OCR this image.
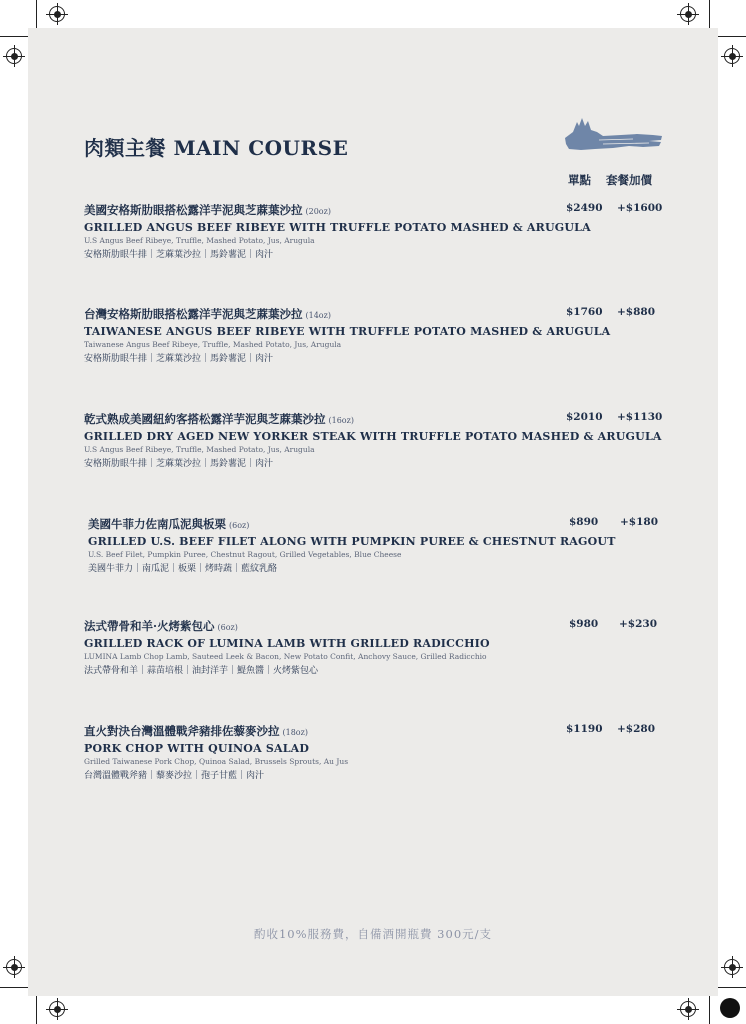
肉類主餐 MAIN COURSE
單點 套餐加價
美國安格斯肋眼搭松露洋芋泥與芝蔴葉沙拉 (20oz)
GRILLED ANGUS BEEF RIBEYE WITH TRUFFLE POTATO MASHED & ARUGULA
U.S Angus Beef Ribeye, Truffle, Mashed Potato, Jus, Arugula
安格斯肋眼牛排｜芝蔴葉沙拉｜馬鈴薯泥｜肉汁
$2490 +$1600
台灣安格斯肋眼搭松露洋芋泥與芝蔴葉沙拉 (14oz)
TAIWANESE ANGUS BEEF RIBEYE WITH TRUFFLE POTATO MASHED & ARUGULA
Taiwanese Angus Beef Ribeye, Truffle, Mashed Potato, Jus, Arugula
安格斯肋眼牛排｜芝蔴葉沙拉｜馬鈴薯泥｜肉汁
$1760 +$880
乾式熟成美國紐約客搭松露洋芋泥與芝蔴葉沙拉 (16oz)
GRILLED DRY AGED NEW YORKER STEAK WITH TRUFFLE POTATO MASHED & ARUGULA
U.S Angus Beef Ribeye, Truffle, Mashed Potato, Jus, Arugula
安格斯肋眼牛排｜芝蔴葉沙拉｜馬鈴薯泥｜肉汁
$2010 +$1130
美國牛菲力佐南瓜泥與板栗 (6oz)
GRILLED U.S. BEEF FILET ALONG WITH PUMPKIN PUREE & CHESTNUT RAGOUT
U.S. Beef Filet, Pumpkin Puree, Chestnut Ragout, Grilled Vegetables, Blue Cheese
美國牛菲力｜南瓜泥｜板栗｜烤時蔬｜藍紋乳酪
$890 +$180
法式帶骨和羊·火烤紫包心 (6oz)
GRILLED RACK OF LUMINA LAMB WITH GRILLED RADICCHIO
LUMINA Lamb Chop Lamb, Sauteed Leek & Bacon, New Potato Confit, Anchovy Sauce, Grilled Radicchio
法式帶骨和羊｜蒜苗培根｜油封洋芋｜鯷魚醬｜火烤紫包心
$980 +$230
直火對決台灣溫體戰斧豬排佐藜麥沙拉 (18oz)
PORK CHOP WITH QUINOA SALAD
Grilled Taiwanese Pork Chop, Quinoa Salad, Brussels Sprouts, Au Jus
台灣溫體戰斧豬｜藜麥沙拉｜孢子甘藍｜肉汁
$1190 +$280
酌收10%服務費，自備酒開瓶費 300元/支
